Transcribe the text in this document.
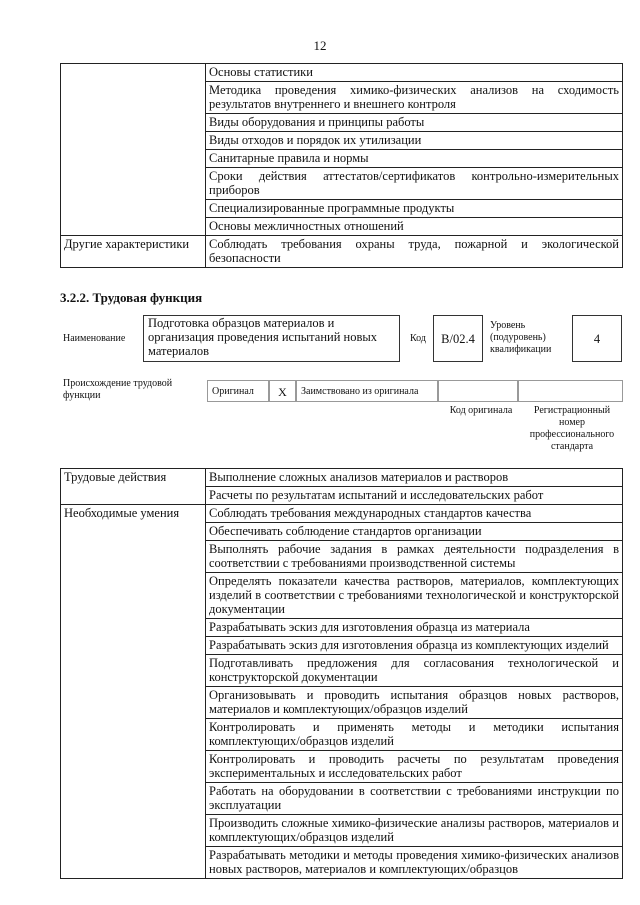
12
	Основы статистики
	Методика проведения химико-физических анализов на сходимость результатов внутреннего и внешнего контроля
	Виды оборудования и принципы работы
	Виды отходов и порядок их утилизации
	Санитарные правила и нормы
	Сроки действия аттестатов/сертификатов контрольно-измерительных приборов
	Специализированные программные продукты
	Основы межличностных отношений
Другие характеристики	Соблюдать требования охраны труда, пожарной и экологической безопасности
3.2.2. Трудовая функция
Наименование
Подготовка образцов материалов и организация проведения испытаний новых материалов
Код	B/02.4
Уровень (подуровень) квалификации
4
Происхождение трудовой функции	Оригинал	X	Заимствовано из оригинала
Код оригинала	Регистрационный номер профессионального стандарта
Трудовые действия	Выполнение сложных анализов материалов и растворов
	Расчеты по результатам испытаний и исследовательских работ
Необходимые умения	Соблюдать требования международных стандартов качества
	Обеспечивать соблюдение стандартов организации
	Выполнять рабочие задания в рамках деятельности подразделения в соответствии с требованиями производственной системы
	Определять показатели качества растворов, материалов, комплектующих изделий в соответствии с требованиями технологической и конструкторской документации
	Разрабатывать эскиз для изготовления образца из материала
	Разрабатывать эскиз для изготовления образца из комплектующих изделий
	Подготавливать предложения для согласования технологической и конструкторской документации
	Организовывать и проводить испытания образцов новых растворов, материалов и комплектующих/образцов изделий
	Контролировать и применять методы и методики испытания комплектующих/образцов изделий
	Контролировать и проводить расчеты по результатам проведения экспериментальных и исследовательских работ
	Работать на оборудовании в соответствии с требованиями инструкции по эксплуатации
	Производить сложные химико-физические анализы растворов, материалов и комплектующих/образцов изделий
	Разрабатывать методики и методы проведения химико-физических анализов новых растворов, материалов и комплектующих/образцов
